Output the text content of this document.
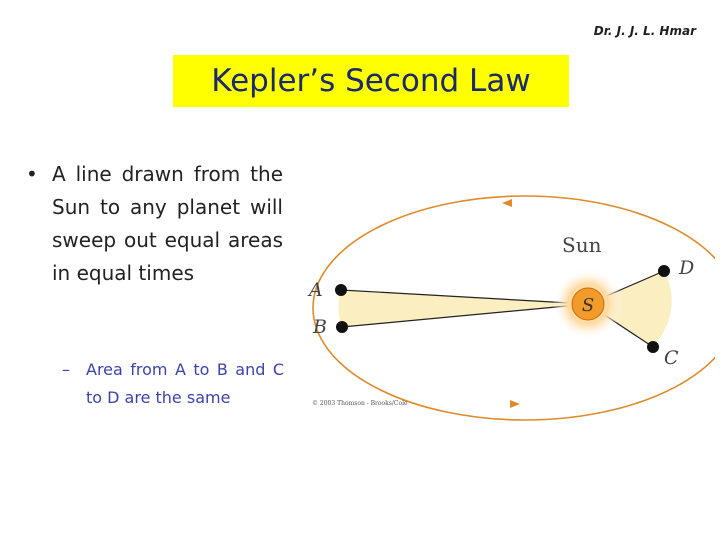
Dr. J. J. L. Hmar
Kepler’s Second Law
• A line drawn from the Sun to any planet will sweep out equal areas in equal times
– Area from A to B and C to D are the same
S
Sun
A
B
C
D
© 2003 Thomson - Brooks/Cole
